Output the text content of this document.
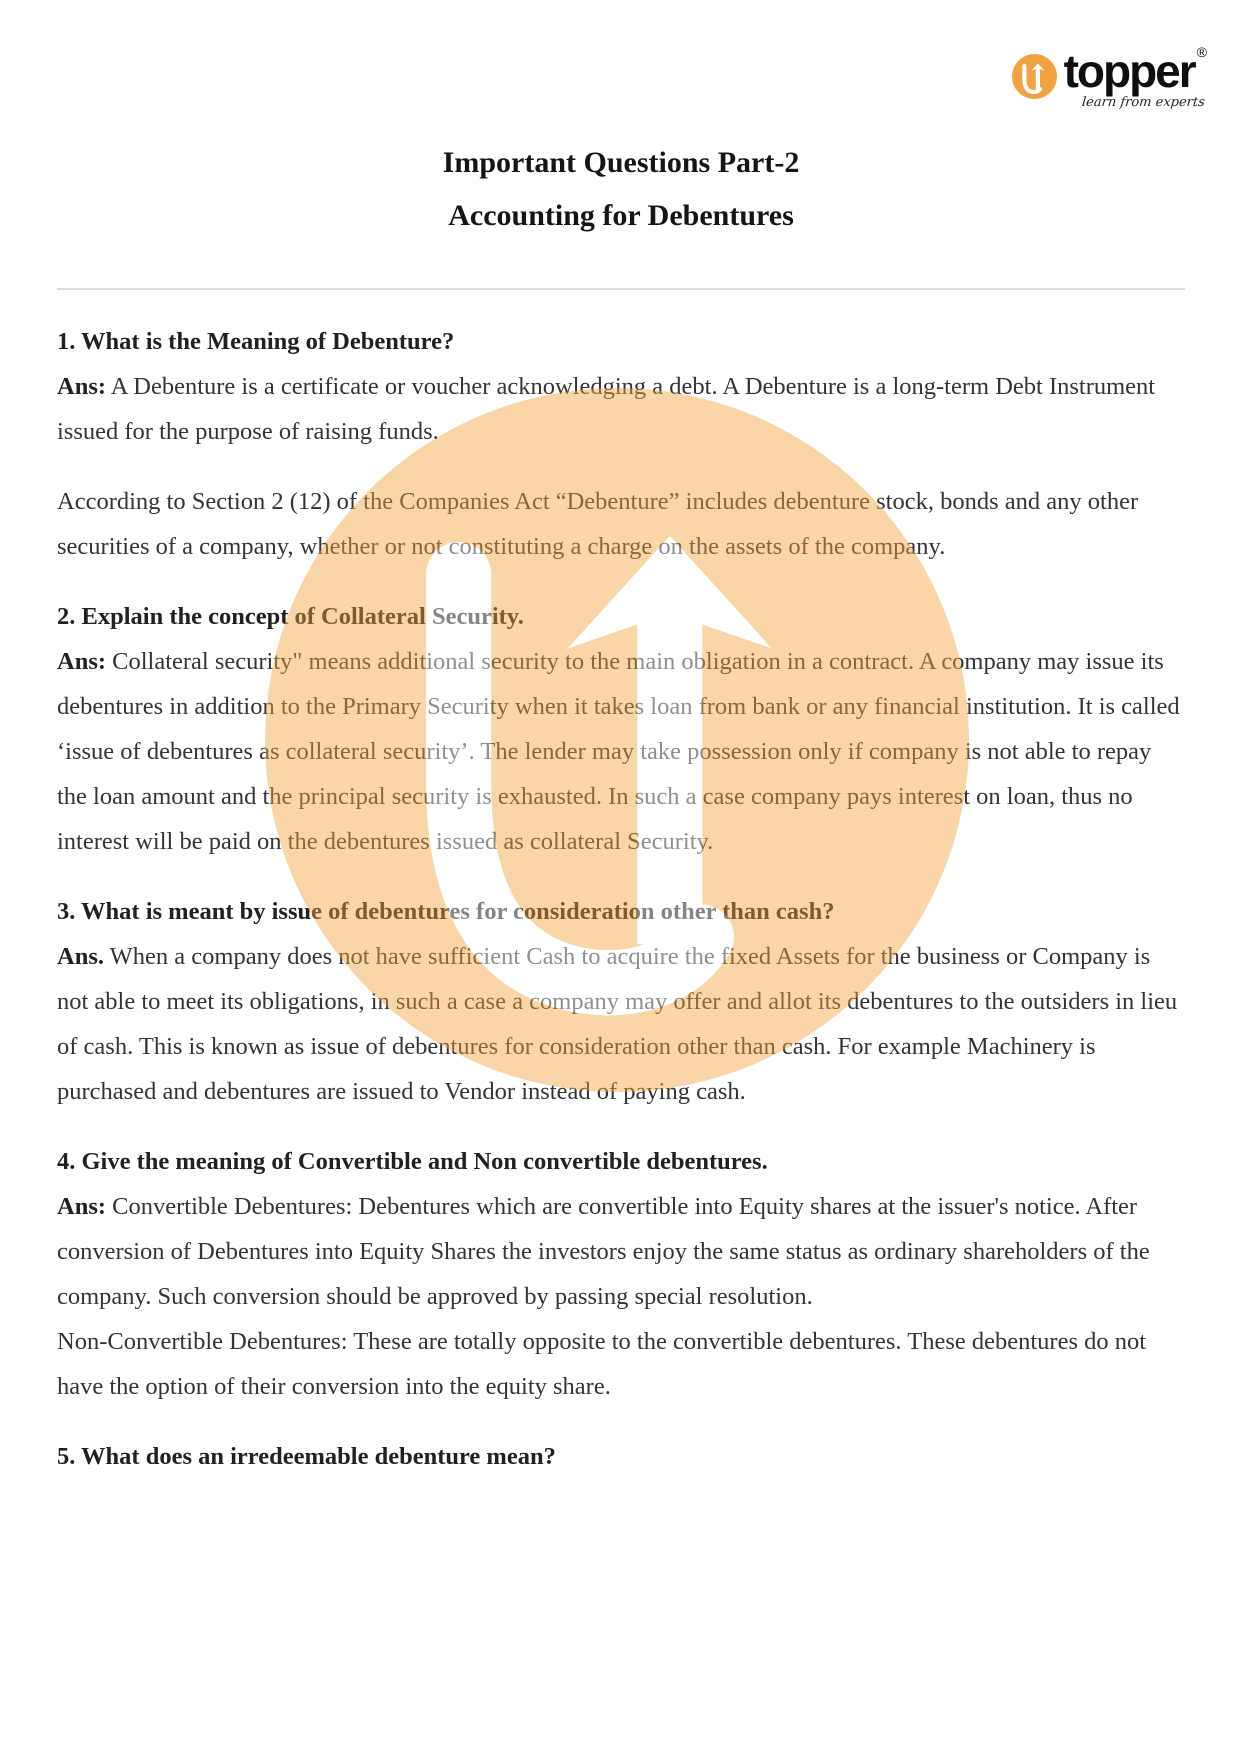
topper ®
learn from experts
Important Questions Part-2
Accounting for Debentures
1. What is the Meaning of Debenture?

Ans: A Debenture is a certificate or voucher acknowledging a debt. A Debenture is a long-term Debt Instrument issued for the purpose of raising funds.

According to Section 2 (12) of the Companies Act “Debenture” includes debenture stock, bonds and any other securities of a company, whether or not constituting a charge on the assets of the company.

2. Explain the concept of Collateral Security.

Ans: Collateral security" means additional security to the main obligation in a contract. A company may issue its debentures in addition to the Primary Security when it takes loan from bank or any financial institution. It is called ‘issue of debentures as collateral security’. The lender may take possession only if company is not able to repay the loan amount and the principal security is exhausted. In such a case company pays interest on loan, thus no interest will be paid on the debentures issued as collateral Security.

3. What is meant by issue of debentures for consideration other than cash?

Ans. When a company does not have sufficient Cash to acquire the fixed Assets for the business or Company is not able to meet its obligations, in such a case a company may offer and allot its debentures to the outsiders in lieu of cash. This is known as issue of debentures for consideration other than cash. For example Machinery is purchased and debentures are issued to Vendor instead of paying cash.

4. Give the meaning of Convertible and Non convertible debentures.

Ans: Convertible Debentures: Debentures which are convertible into Equity shares at the issuer's notice. After conversion of Debentures into Equity Shares the investors enjoy the same status as ordinary shareholders of the company. Such conversion should be approved by passing special resolution.

Non-Convertible Debentures: These are totally opposite to the convertible debentures. These debentures do not have the option of their conversion into the equity share.

5. What does an irredeemable debenture mean?
